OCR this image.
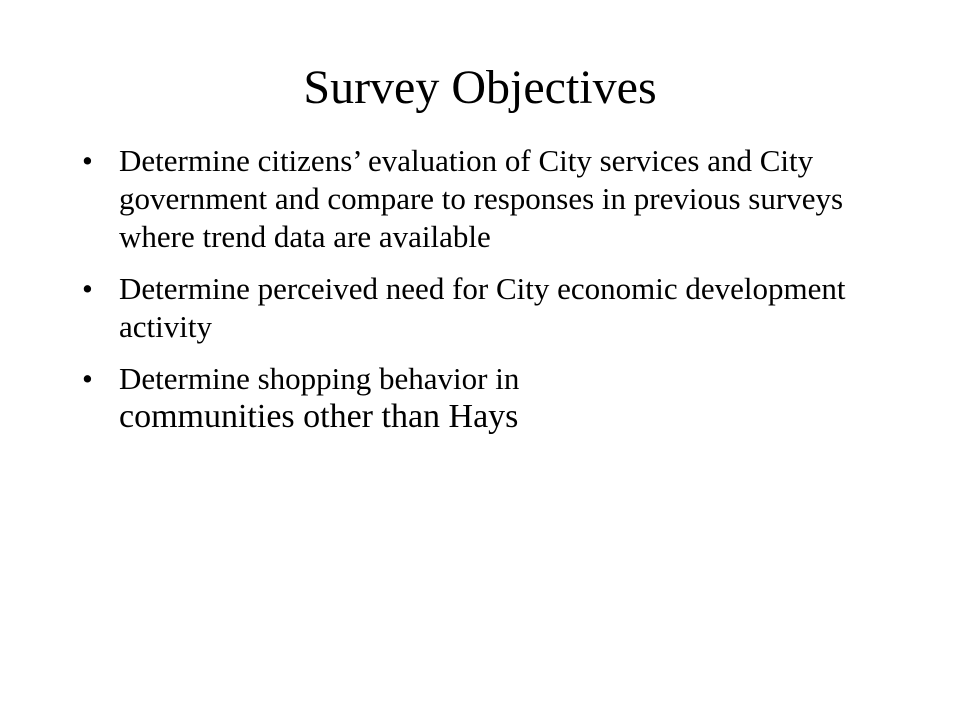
Survey Objectives
• Determine citizens’ evaluation of City services and City government and compare to responses in previous surveys where trend data are available
• Determine perceived need for City economic development activity
• Determine shopping behavior in
communities other than Hays
